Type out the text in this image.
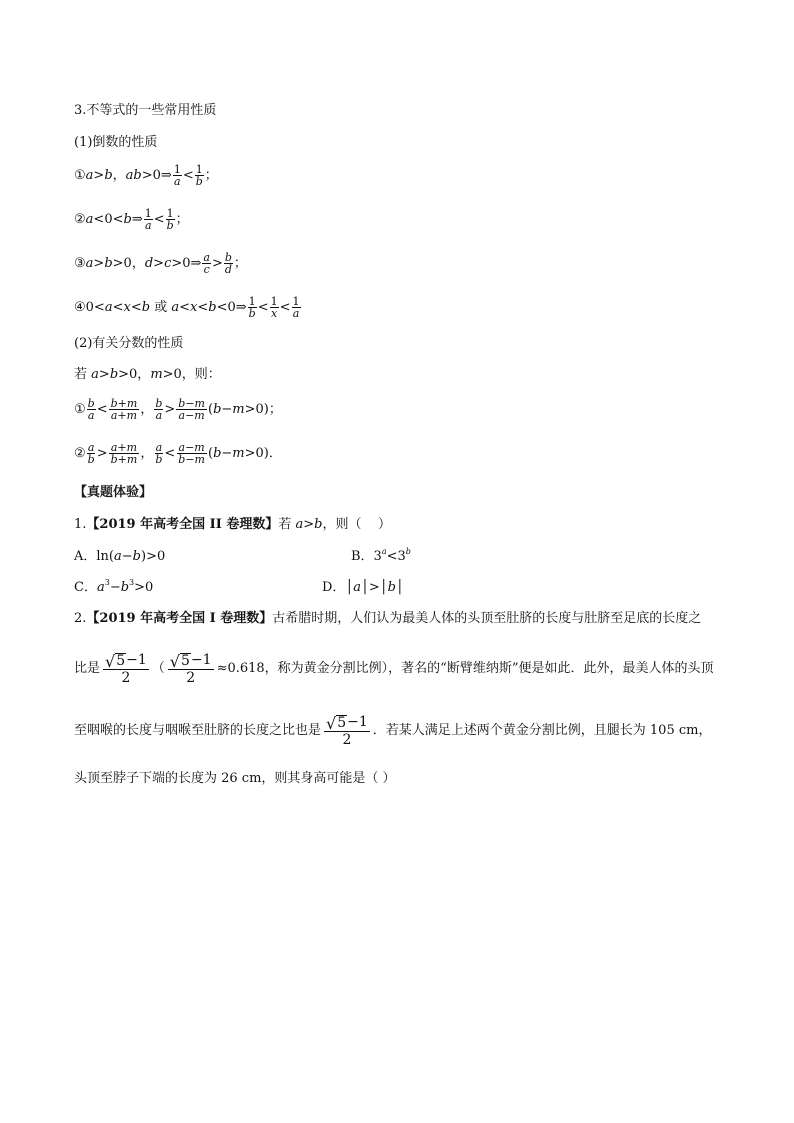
3.不等式的一些常用性质
(1)倒数的性质
①a>b，ab>0⇒ $\frac{1}{a} < \frac{1}{b}$ ；
②a<0<b⇒ $\frac{1}{a} < \frac{1}{b}$ ；
③a>b>0，d>c>0⇒ $\frac{a}{c} > \frac{b}{d}$ ；
④0<a<x<b 或 a<x<b<0⇒ $\frac{1}{b} < \frac{1}{x} < \frac{1}{a}$
(2)有关分数的性质
若 a>b>0，m>0，则：
① $\frac{b}{a} < \frac{b+m}{a+m}$ ， $\frac{b}{a} > \frac{b-m}{a-m} (b-m>0)$；
② $\frac{a}{b} > \frac{a+m}{b+m}$ ， $\frac{a}{b} < \frac{a-m}{b-m} (b-m>0)$．
【真题体验】
1. 【2019 年高考全国 II 卷理数】 若 a>b，则（    ）
A．ln(a−b)>0	B．$3^a<3^b$
C．$a^3-b^3>0$	D．│a│>│b│
2. 【2019 年高考全国 I 卷理数】 古希腊时期，人们认为最美人体的头顶至肚脐的长度与肚脐至足底的长度之
比是 $\frac{√ 5 -1}{2}$ （ $\frac{√ 5 -1}{2} \approx 0.618$，称为黄金分割比例），著名的“断臂维纳斯”便是如此．此外，最美人体的头顶
至咽喉的长度与咽喉至肚脐的长度之比也是 $\frac{√ 5 -1}{2}$ ．若某人满足上述两个黄金分割比例，且腿长为 105 cm，
头顶至脖子下端的长度为 26 cm，则其身高可能是（ ）
